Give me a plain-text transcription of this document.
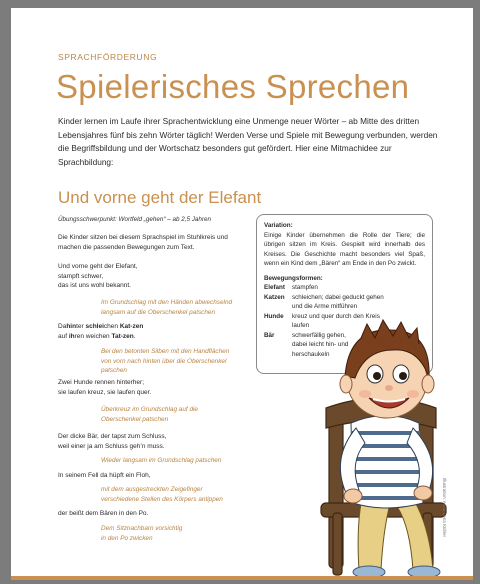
SPRACHFÖRDERUNG
Spielerisches Sprechen
Kinder lernen im Laufe ihrer Sprachentwicklung eine Unmenge neuer Wörter – ab Mitte des dritten Lebensjahres fünf bis zehn Wörter täglich! Werden Verse und Spiele mit Bewegung verbunden, werden die Begriffsbildung und der Wortschatz besonders gut gefördert. Hier eine Mitmachidee zur Sprachbildung:
Und vorne geht der Elefant
Übungsschwerpunkt: Wortfeld „gehen“ – ab 2,5 Jahren
Die Kinder sitzen bei diesem Sprachspiel im Stuhlkreis und machen die passenden Bewegungen zum Text.
Und vorne geht der Elefant,
stampft schwer,
das ist uns wohl bekannt.
Im Grundschlag mit den Händen abwechselnd
langsam auf die Oberschenkel patschen
Dahinter schleichen Kat-zen
auf ihren weichen Tat-zen.
Bei den betonten Silben mit den Handflächen
von vorn nach hinten über die Oberschenkel
patschen
Zwei Hunde rennen hinterher;
sie laufen kreuz, sie laufen quer.
Überkreuz im Grundschlag auf die
Oberschenkel patschen
Der dicke Bär, der tapst zum Schluss,
weil einer ja am Schluss geh’n muss.
Wieder langsam im Grundschlag patschen
In seinem Fell da hüpft ein Floh,
mit dem ausgestreckten Zeigefinger
verschiedene Stellen des Körpers antippen
der beißt dem Bären in den Po.
Dem Sitznachbarn vorsichtig
in den Po zwicken
Variation:
Einige Kinder übernehmen die Rolle der Tiere; die übrigen sitzen im Kreis. Gespielt wird innerhalb des Kreises. Die Geschichte macht besonders viel Spaß, wenn ein Kind dem „Bären“ am Ende in den Po zwickt.
Bewegungsformen:
Elefant	stampfen
Katzen	schleichen; dabei geduckt gehen und die Arme mitführen
Hunde	kreuz und quer durch den Kreis laufen
Bär	schwerfällig gehen, dabei leicht hin- und herschaukeln
Illustration: Anna-Lena Kühler
